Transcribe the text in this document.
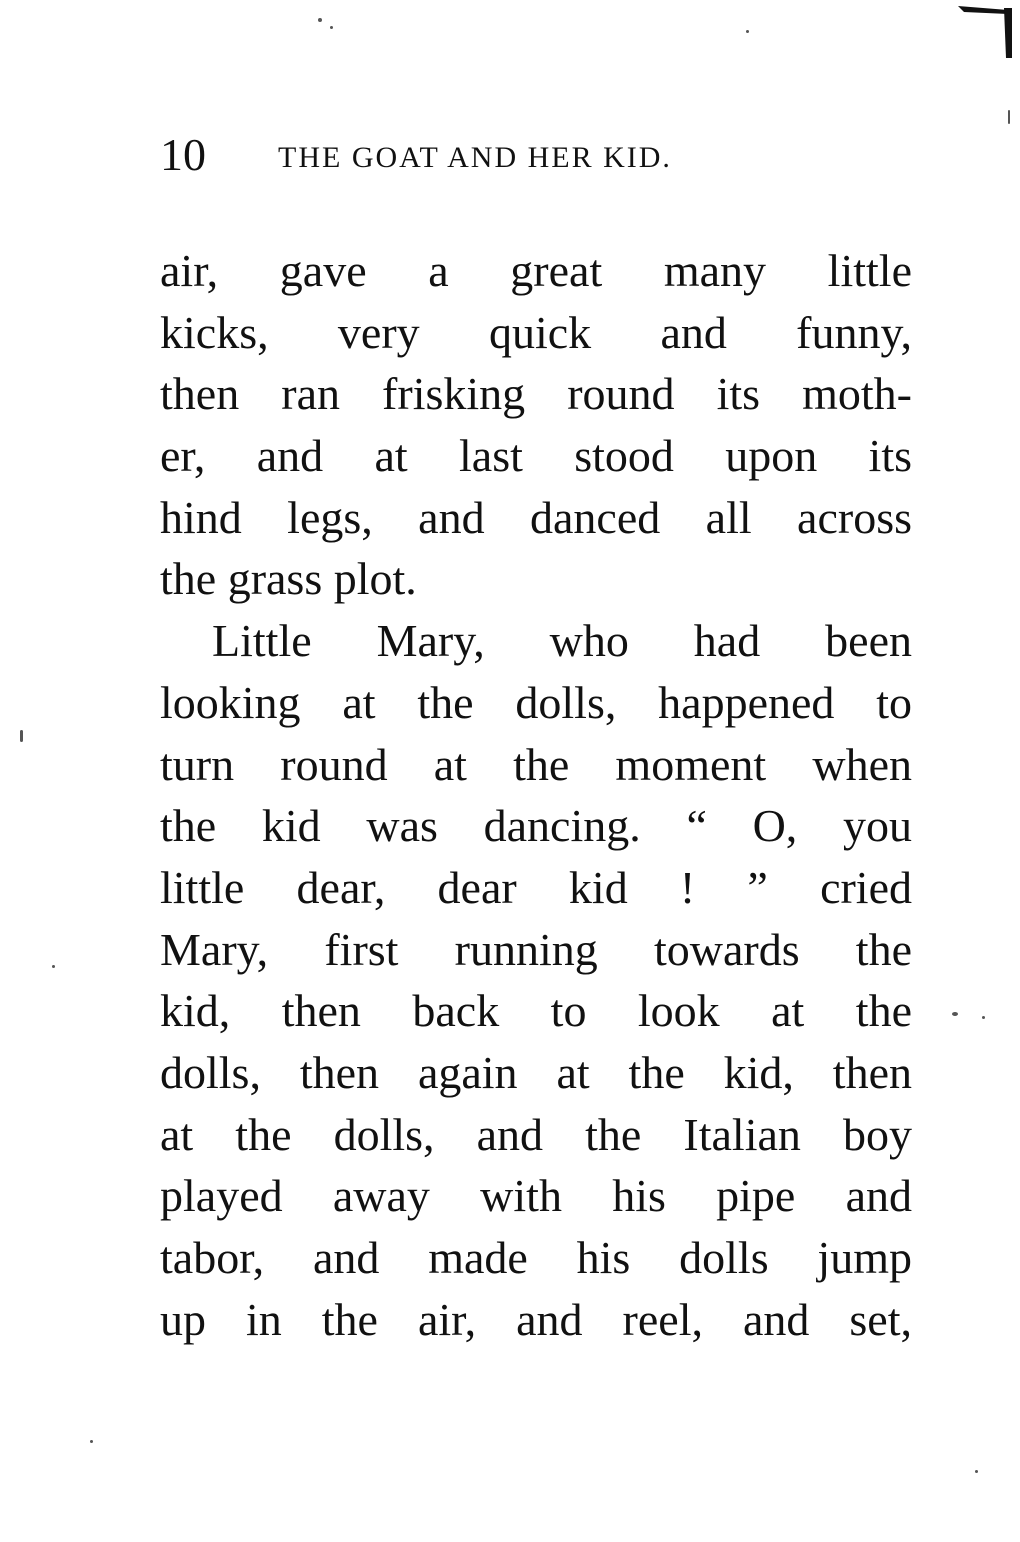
10 THE GOAT AND HER KID.
air, gave a great many little
kicks, very quick and funny,
then ran frisking round its moth-
er, and at last stood upon its
hind legs, and danced all across
the grass plot.
Little Mary, who had been
looking at the dolls, happened to
turn round at the moment when
the kid was dancing. “ O, you
little dear, dear kid ! ” cried
Mary, first running towards the
kid, then back to look at the
dolls, then again at the kid, then
at the dolls, and the Italian boy
played away with his pipe and
tabor, and made his dolls jump
up in the air, and reel, and set,
